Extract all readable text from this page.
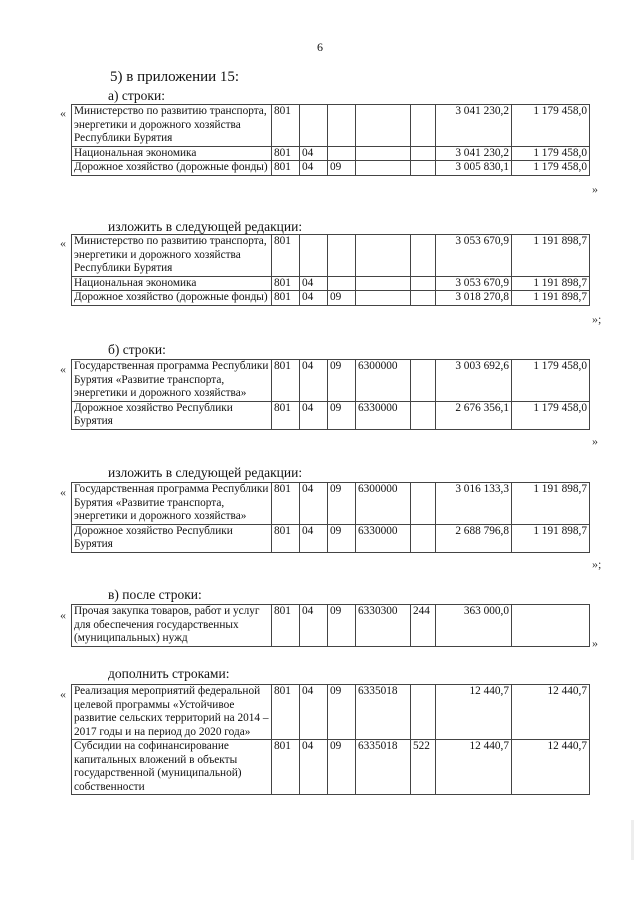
6
5) в приложении 15:
а) строки:
« Министерство по развитию транспорта, энергетики и дорожного хозяйства Республики Бурятия	801					3 041 230,2	1 179 458,0
Национальная экономика	801	04				3 041 230,2	1 179 458,0
Дорожное хозяйство (дорожные фонды)	801	04	09			3 005 830,1	1 179 458,0
»
изложить в следующей редакции:
« Министерство по развитию транспорта, энергетики и дорожного хозяйства Республики Бурятия	801					3 053 670,9	1 191 898,7
Национальная экономика	801	04				3 053 670,9	1 191 898,7
Дорожное хозяйство (дорожные фонды)	801	04	09			3 018 270,8	1 191 898,7
»;
б) строки:
« Государственная программа Республики Бурятия «Развитие транспорта, энергетики и дорожного хозяйства»	801	04	09	6300000		3 003 692,6	1 179 458,0
Дорожное хозяйство Республики Бурятия	801	04	09	6330000		2 676 356,1	1 179 458,0
»
изложить в следующей редакции:
« Государственная программа Республики Бурятия «Развитие транспорта, энергетики и дорожного хозяйства»	801	04	09	6300000		3 016 133,3	1 191 898,7
Дорожное хозяйство Республики Бурятия	801	04	09	6330000		2 688 796,8	1 191 898,7
»;
в) после строки:
« Прочая закупка товаров, работ и услуг для обеспечения государственных (муниципальных) нужд	801	04	09	6330300	244	363 000,0	
»
дополнить строками:
« Реализация мероприятий федеральной целевой программы «Устойчивое развитие сельских территорий на 2014 – 2017 годы и на период до 2020 года»	801	04	09	6335018		12 440,7	12 440,7
Субсидии на софинансирование капитальных вложений в объекты государственной (муниципальной) собственности	801	04	09	6335018	522	12 440,7	12 440,7
